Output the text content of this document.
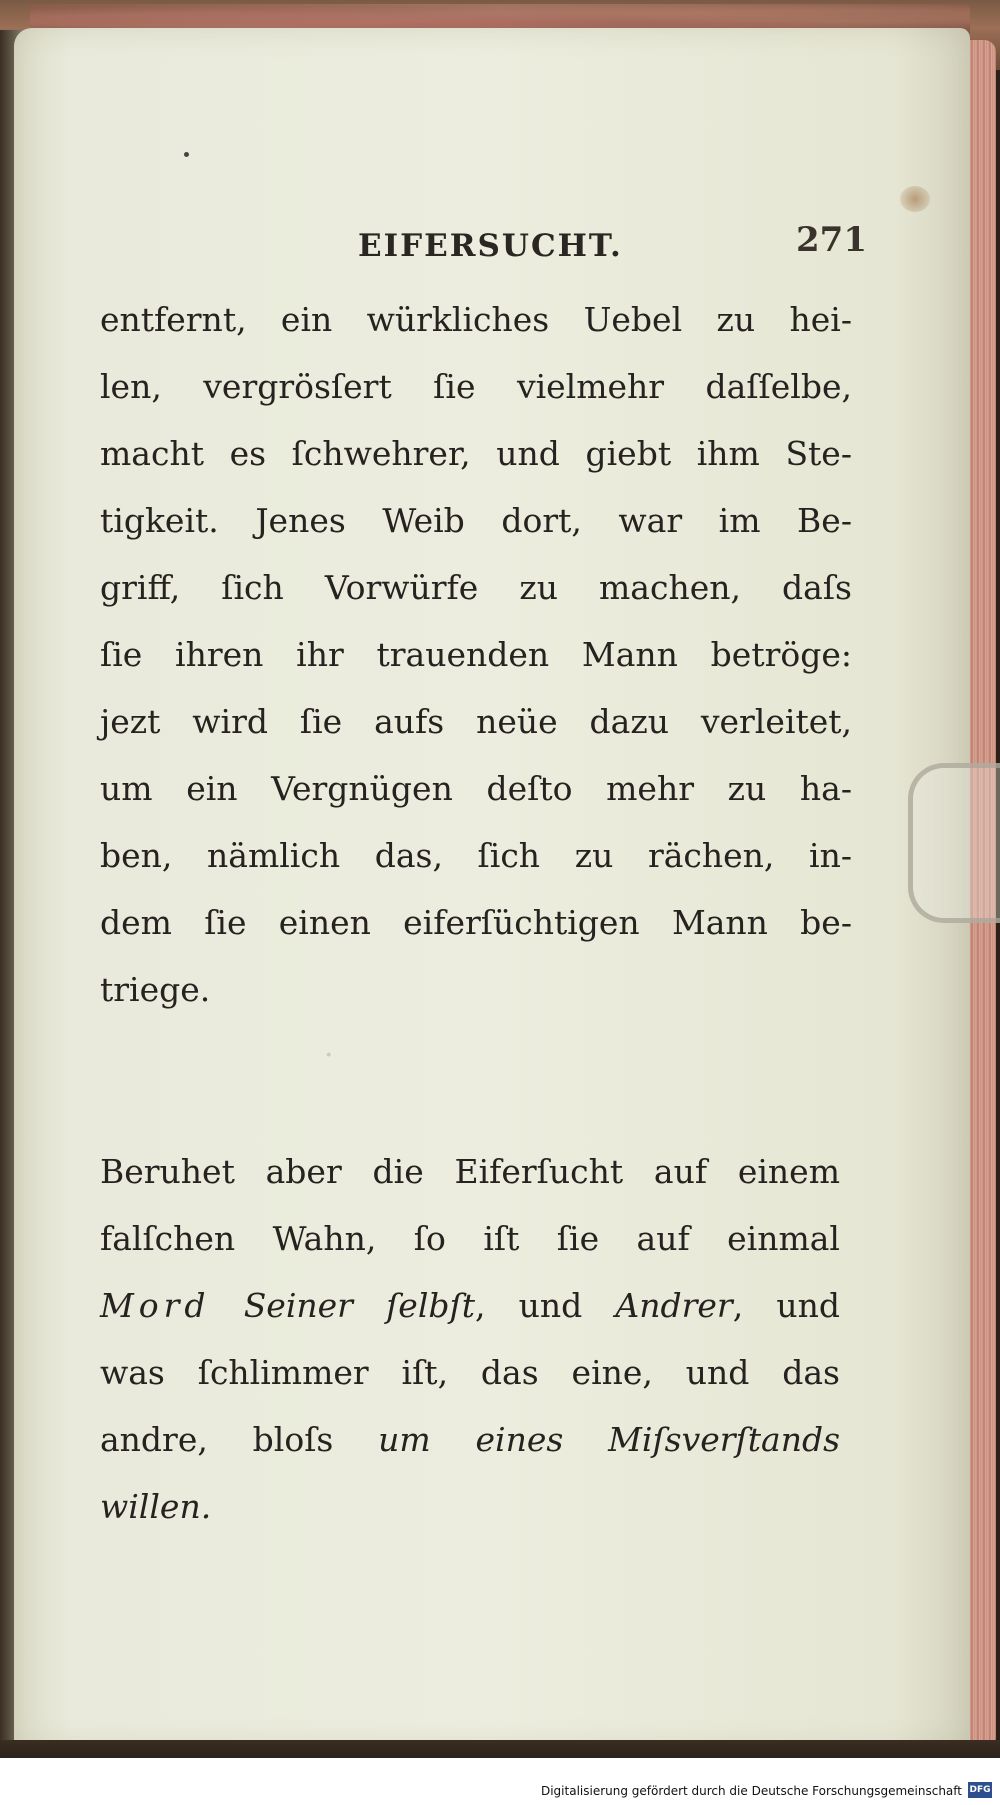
EIFERSUCHT.	271
·
entfernt, ein würkliches Uebel zu hei-
len, vergrösſert ſie vielmehr daſſelbe,
macht es ſchwehrer, und giebt ihm Ste-
tigkeit. Jenes Weib dort, war im Be-
griff, ſich Vorwürfe zu machen, daſs
ſie ihren ihr trauenden Mann betröge:
jezt wird ſie aufs neüe dazu verleitet,
um ein Vergnügen deſto mehr zu ha-
ben, nämlich das, ſich zu rächen, in-
dem ſie einen eiferſüchtigen Mann be-
triege.
Beruhet aber die Eiferſucht auf einem
falſchen Wahn, ſo iſt ſie auf einmal
Mord Seiner ſelbſt, und Andrer, und
was ſchlimmer iſt, das eine, und das
andre, bloſs um eines Miſsverſtands
willen.
Digitalisierung gefördert durch die Deutsche Forschungsgemeinschaft DFG
